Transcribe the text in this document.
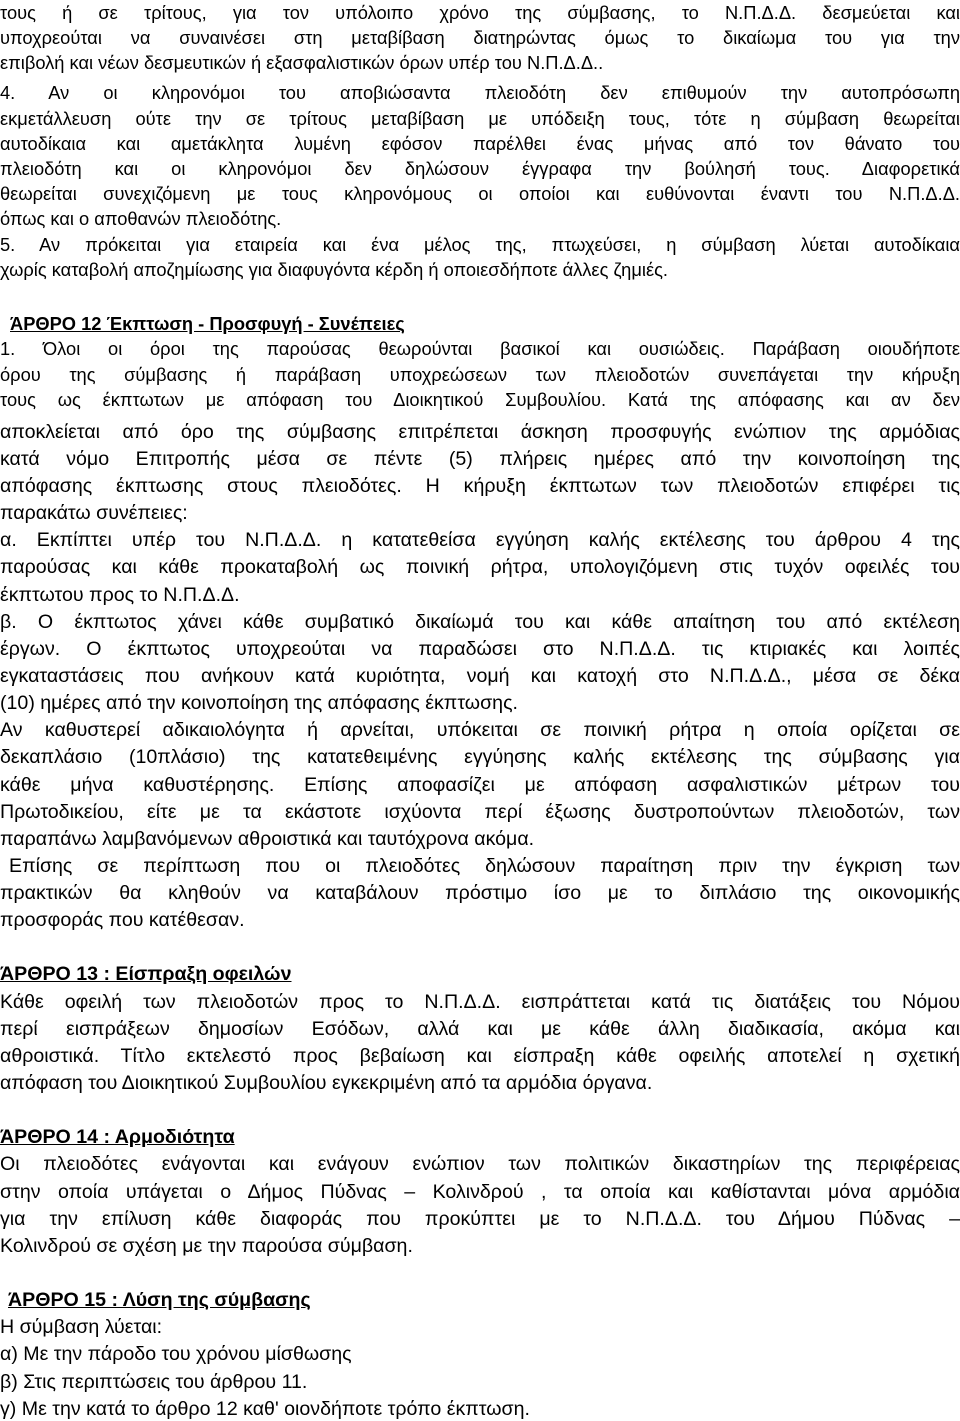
τους ή σε τρίτους, για τον υπόλοιπο χρόνο της σύμβασης, το Ν.Π.Δ.Δ. δεσμεύεται και
υποχρεούται να συναινέσει στη μεταβίβαση διατηρώντας όμως το δικαίωμα του για την
επιβολή και νέων δεσμευτικών ή εξασφαλιστικών όρων υπέρ του Ν.Π.Δ.Δ..
4. Αν οι κληρονόμοι του αποβιώσαντα πλειοδότη δεν επιθυμούν την αυτοπρόσωπη
εκμετάλλευση ούτε την σε τρίτους μεταβίβαση με υπόδειξη τους, τότε η σύμβαση θεωρείται
αυτοδίκαια και αμετάκλητα λυμένη εφόσον παρέλθει ένας μήνας από τον θάνατο του
πλειοδότη και οι κληρονόμοι δεν δηλώσουν έγγραφα την βούλησή τους. Διαφορετικά
θεωρείται συνεχιζόμενη με τους κληρονόμους οι οποίοι και ευθύνονται έναντι του Ν.Π.Δ.Δ.
όπως και ο αποθανών πλειοδότης.
5. Αν πρόκειται για εταιρεία και ένα μέλος της, πτωχεύσει, η σύμβαση λύεται αυτοδίκαια
χωρίς καταβολή αποζημίωσης για διαφυγόντα κέρδη ή οποιεσδήποτε άλλες ζημιές.
ΆΡΘΡΟ 12 Έκπτωση - Προσφυγή - Συνέπειες
1. Όλοι οι όροι της παρούσας θεωρούνται βασικοί και ουσιώδεις. Παράβαση οιουδήποτε
όρου της σύμβασης ή παράβαση υποχρεώσεων των πλειοδοτών συνεπάγεται την κήρυξη
τους ως έκπτωτων με απόφαση του Διοικητικού Συμβουλίου. Κατά της απόφασης και αν δεν
αποκλείεται από όρο της σύμβασης επιτρέπεται άσκηση προσφυγής ενώπιον της αρμόδιας
κατά νόμο Επιτροπής μέσα σε πέντε (5) πλήρεις ημέρες από την κοινοποίηση της
απόφασης έκπτωσης στους πλειοδότες. Η κήρυξη έκπτωτων των πλειοδοτών επιφέρει τις
παρακάτω συνέπειες:
α. Εκπίπτει υπέρ του Ν.Π.Δ.Δ. η κατατεθείσα εγγύηση καλής εκτέλεσης του άρθρου 4 της
παρούσας και κάθε προκαταβολή ως ποινική ρήτρα, υπολογιζόμενη στις τυχόν οφειλές του
έκπτωτου προς το Ν.Π.Δ.Δ.
β. Ο έκπτωτος χάνει κάθε συμβατικό δικαίωμά του και κάθε απαίτηση του από εκτέλεση
έργων. Ο έκπτωτος υποχρεούται να παραδώσει στο Ν.Π.Δ.Δ. τις κτιριακές και λοιπές
εγκαταστάσεις που ανήκουν κατά κυριότητα, νομή και κατοχή στο Ν.Π.Δ.Δ., μέσα σε δέκα
(10) ημέρες από την κοινοποίηση της απόφασης έκπτωσης.
Αν καθυστερεί αδικαιολόγητα ή αρνείται, υπόκειται σε ποινική ρήτρα η οποία ορίζεται σε
δεκαπλάσιο (10πλάσιο) της κατατεθειμένης εγγύησης καλής εκτέλεσης της σύμβασης για
κάθε μήνα καθυστέρησης. Επίσης αποφασίζει με απόφαση ασφαλιστικών μέτρων του
Πρωτοδικείου, είτε με τα εκάστοτε ισχύοντα περί έξωσης δυστροπούντων πλειοδοτών, των
παραπάνω λαμβανόμενων αθροιστικά και ταυτόχρονα ακόμα.
Επίσης σε περίπτωση που οι πλειοδότες δηλώσουν παραίτηση πριν την έγκριση των
πρακτικών θα κληθούν να καταβάλουν πρόστιμο ίσο με το διπλάσιο της οικονομικής
προσφοράς που κατέθεσαν.
ΆΡΘΡΟ 13 : Είσπραξη οφειλών
Κάθε οφειλή των πλειοδοτών προς το Ν.Π.Δ.Δ. εισπράττεται κατά τις διατάξεις του Νόμου
περί εισπράξεων δημοσίων Εσόδων, αλλά και με κάθε άλλη διαδικασία, ακόμα και
αθροιστικά. Τίτλο εκτελεστό προς βεβαίωση και είσπραξη κάθε οφειλής αποτελεί η σχετική
απόφαση του Διοικητικού Συμβουλίου εγκεκριμένη από τα αρμόδια όργανα.
ΆΡΘΡΟ 14 : Αρμοδιότητα
Οι πλειοδότες ενάγονται και ενάγουν ενώπιον των πολιτικών δικαστηρίων της περιφέρειας
στην οποία υπάγεται ο Δήμος Πύδνας – Κολινδρού , τα οποία και καθίστανται μόνα αρμόδια
για την επίλυση κάθε διαφοράς που προκύπτει με το Ν.Π.Δ.Δ. του Δήμου Πύδνας –
Κολινδρού σε σχέση με την παρούσα σύμβαση.
ΆΡΘΡΟ 15 : Λύση της σύμβασης
Η σύμβαση λύεται:
α) Με την πάροδο του χρόνου μίσθωσης
β) Στις περιπτώσεις του άρθρου 11.
γ) Με την κατά το άρθρο 12 καθ' οιονδήποτε τρόπο έκπτωση.
